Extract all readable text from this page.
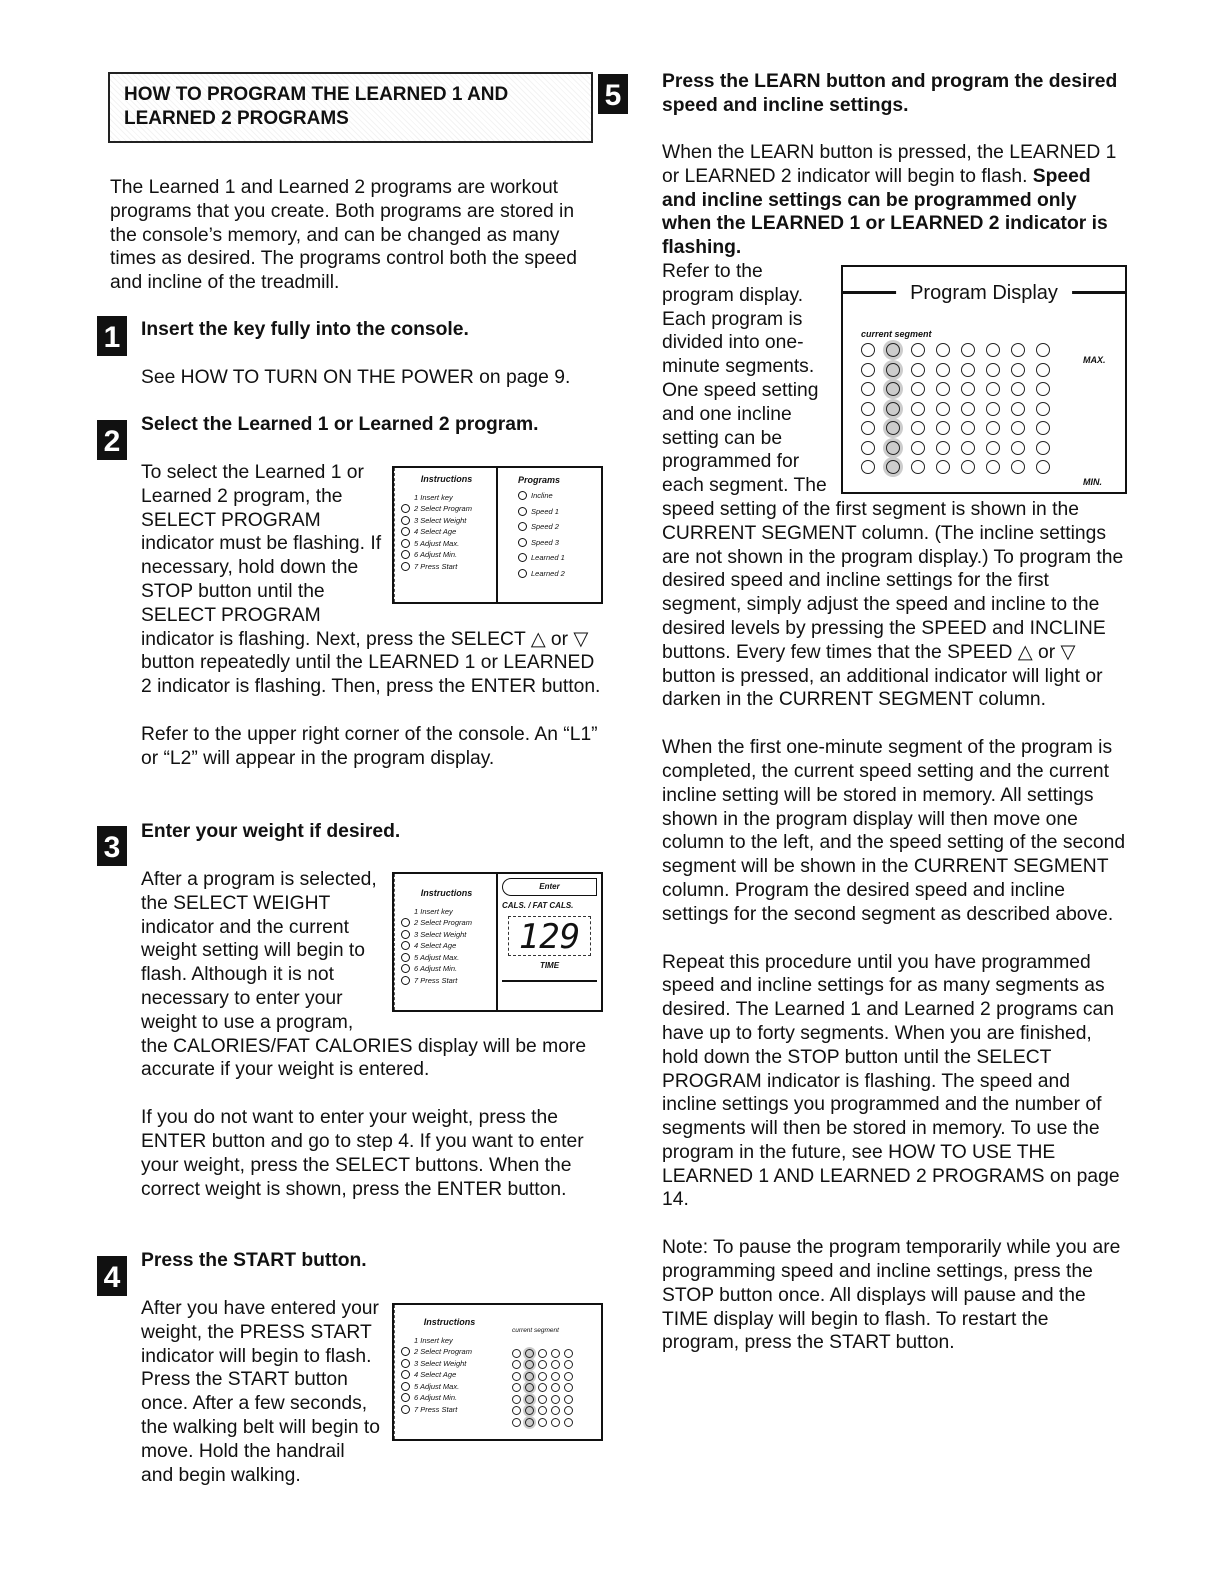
HOW TO PROGRAM THE LEARNED 1 AND
LEARNED 2 PROGRAMS
The Learned 1 and Learned 2 programs are workout programs that you create. Both programs are stored in the console’s memory, and can be changed as many times as desired. The programs control both the speed and incline of the treadmill.
1	Insert the key fully into the console.
See HOW TO TURN ON THE POWER on page 9.
2
Select the Learned 1 or Learned 2 program.
Instructions
1 Insert key
2 Select Program
3 Select Weight
4 Select Age
5 Adjust Max.
6 Adjust Min.
7 Press Start
Programs
Incline
Speed 1
Speed 2
Speed 3
Learned 1
Learned 2
To select the Learned 1 or Learned 2 program, the SELECT PROGRAM indicator must be flashing. If necessary, hold down the STOP button until the SELECT PROGRAM indicator is flashing. Next, press the SELECT △ or ▽ button repeatedly until the LEARNED 1 or LEARNED 2 indicator is flashing. Then, press the ENTER button.
Refer to the upper right corner of the console. An “L1” or “L2” will appear in the program display.
3	Enter your weight if desired.
Instructions
1 Insert key
2 Select Program
3 Select Weight
4 Select Age
5 Adjust Max.
6 Adjust Min.
7 Press Start
Enter
CALS. / FAT CALS.
129
TIME
After a program is selected, the SELECT WEIGHT indicator and the current weight setting will begin to flash. Although it is not necessary to enter your weight to use a program, the CALORIES/FAT CALORIES display will be more accurate if your weight is entered.
If you do not want to enter your weight, press the ENTER button and go to step 4. If you want to enter your weight, press the SELECT buttons. When the correct weight is shown, press the ENTER button.
4
Press the START button.
Instructions
1 Insert key
2 Select Program
3 Select Weight
4 Select Age
5 Adjust Max.
6 Adjust Min.
7 Press Start
current segment
After you have entered your weight, the PRESS START indicator will begin to flash. Press the START button once. After a few seconds, the walking belt will begin to move. Hold the handrail and begin walking.
5	Press the LEARN button and program the desired speed and incline settings.
When the LEARN button is pressed, the LEARNED 1 or LEARNED 2 indicator will begin to flash. Speed and incline settings can be programmed only when the LEARNED 1 or LEARNED 2 indicator is flashing.
Program Display
current segment
MAX.
MIN.
Refer to the program display. Each program is divided into one-minute segments. One speed setting and one incline setting can be programmed for each segment. The speed setting of the first segment is shown in the CURRENT SEGMENT column. (The incline settings are not shown in the program display.) To program the desired speed and incline settings for the first segment, simply adjust the speed and incline to the desired levels by pressing the SPEED and INCLINE buttons. Every few times that the SPEED △ or ▽ button is pressed, an additional indicator will light or darken in the CURRENT SEGMENT column.
When the first one-minute segment of the program is completed, the current speed setting and the current incline setting will be stored in memory. All settings shown in the program display will then move one column to the left, and the speed setting of the second segment will be shown in the CURRENT SEGMENT column. Program the desired speed and incline settings for the second segment as described above.
Repeat this procedure until you have programmed speed and incline settings for as many segments as desired. The Learned 1 and Learned 2 programs can have up to forty segments. When you are finished, hold down the STOP button until the SELECT PROGRAM indicator is flashing. The speed and incline settings you programmed and the number of segments will then be stored in memory. To use the program in the future, see HOW TO USE THE LEARNED 1 AND LEARNED 2 PROGRAMS on page 14.
Note: To pause the program temporarily while you are programming speed and incline settings, press the STOP button once. All displays will pause and the TIME display will begin to flash. To restart the program, press the START button.
